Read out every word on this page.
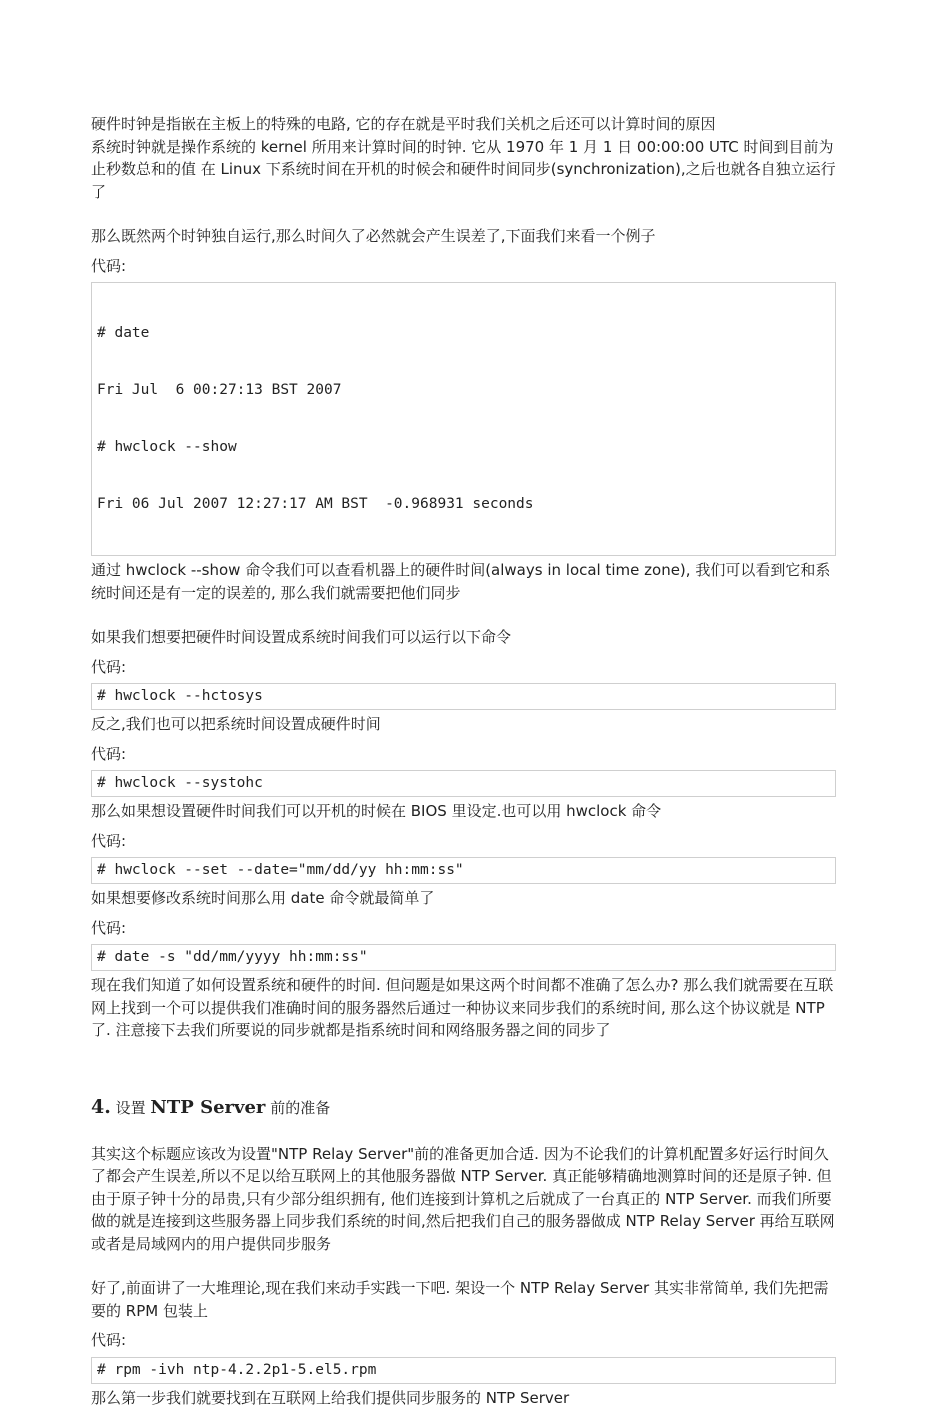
硬件时钟是指嵌在主板上的特殊的电路, 它的存在就是平时我们关机之后还可以计算时间的原因

系统时钟就是操作系统的 kernel 所用来计算时间的时钟. 它从 1970 年 1 月 1 日 00:00:00 UTC 时间到目前为止秒数总和的值 在 Linux 下系统时间在开机的时候会和硬件时间同步(synchronization),之后也就各自独立运行了

那么既然两个时钟独自运行,那么时间久了必然就会产生误差了,下面我们来看一个例子

代码:

# date

Fri Jul  6 00:27:13 BST 2007

# hwclock --show

Fri 06 Jul 2007 12:27:17 AM BST  -0.968931 seconds

通过 hwclock --show 命令我们可以查看机器上的硬件时间(always in local time zone), 我们可以看到它和系统时间还是有一定的误差的, 那么我们就需要把他们同步

如果我们想要把硬件时间设置成系统时间我们可以运行以下命令

代码:

# hwclock --hctosys

反之,我们也可以把系统时间设置成硬件时间

代码:

# hwclock --systohc

那么如果想设置硬件时间我们可以开机的时候在 BIOS 里设定.也可以用 hwclock 命令

代码:

# hwclock --set --date="mm/dd/yy hh:mm:ss"

如果想要修改系统时间那么用 date 命令就最简单了

代码:

# date -s "dd/mm/yyyy hh:mm:ss"

现在我们知道了如何设置系统和硬件的时间. 但问题是如果这两个时间都不准确了怎么办? 那么我们就需要在互联网上找到一个可以提供我们准确时间的服务器然后通过一种协议来同步我们的系统时间, 那么这个协议就是 NTP 了. 注意接下去我们所要说的同步就都是指系统时间和网络服务器之间的同步了

4. 设置 NTP Server 前的准备

其实这个标题应该改为设置"NTP Relay Server"前的准备更加合适. 因为不论我们的计算机配置多好运行时间久了都会产生误差,所以不足以给互联网上的其他服务器做 NTP Server. 真正能够精确地测算时间的还是原子钟. 但由于原子钟十分的昂贵,只有少部分组织拥有, 他们连接到计算机之后就成了一台真正的 NTP Server. 而我们所要做的就是连接到这些服务器上同步我们系统的时间,然后把我们自己的服务器做成 NTP Relay Server 再给互联网或者是局域网内的用户提供同步服务

好了,前面讲了一大堆理论,现在我们来动手实践一下吧. 架设一个 NTP Relay Server 其实非常简单, 我们先把需要的 RPM 包装上

代码:

# rpm -ivh ntp-4.2.2p1-5.el5.rpm

那么第一步我们就要找到在互联网上给我们提供同步服务的 NTP Server
